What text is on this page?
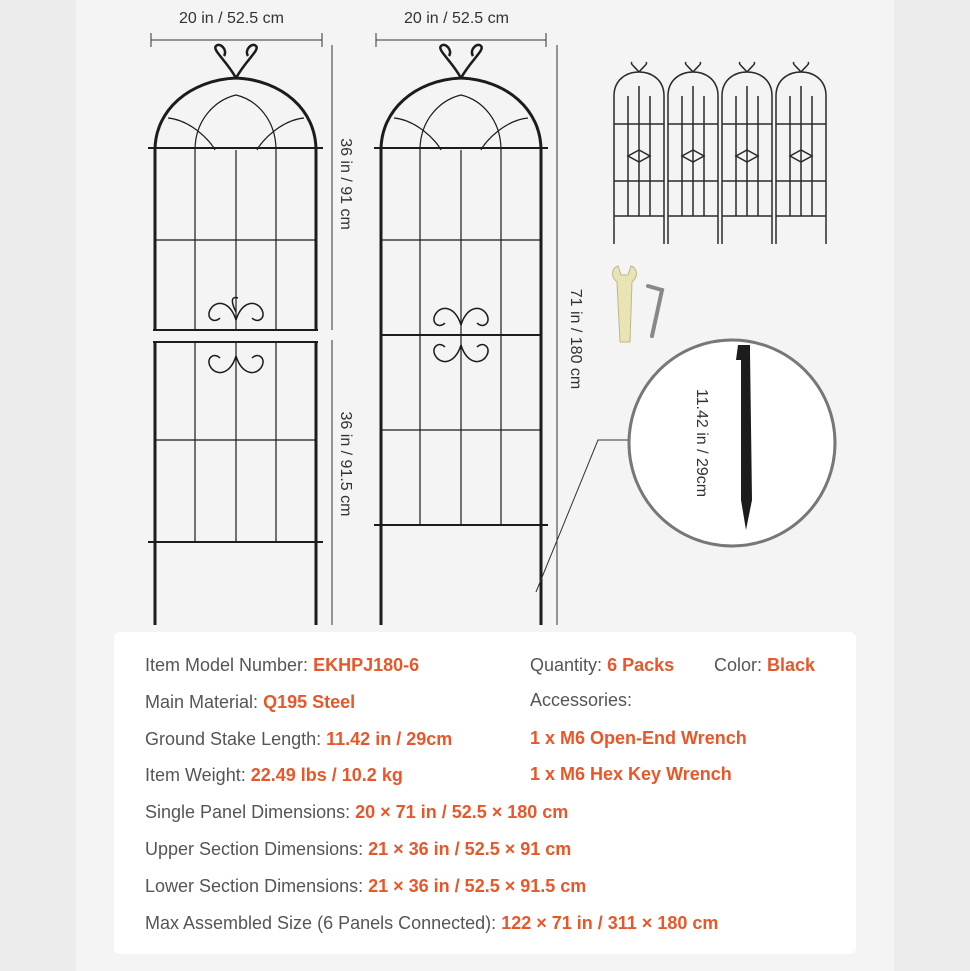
20 in / 52.5 cm	20 in / 52.5 cm
36 in / 91 cm
36 in / 91.5 cm
71 in / 180 cm
11.42 in / 29cm
Item Model Number: EKHPJ180-6
Main Material: Q195 Steel
Ground Stake Length: 11.42 in / 29cm
Item Weight: 22.49 lbs / 10.2 kg
Single Panel Dimensions: 20 × 71 in / 52.5 × 180 cm
Upper Section Dimensions: 21 × 36 in / 52.5 × 91 cm
Lower Section Dimensions: 21 × 36 in / 52.5 × 91.5 cm
Max Assembled Size (6 Panels Connected): 122 × 71 in / 311 × 180 cm
Quantity: 6 Packs Color: Black
Accessories:
1 x M6 Open-End Wrench
1 x M6 Hex Key Wrench
